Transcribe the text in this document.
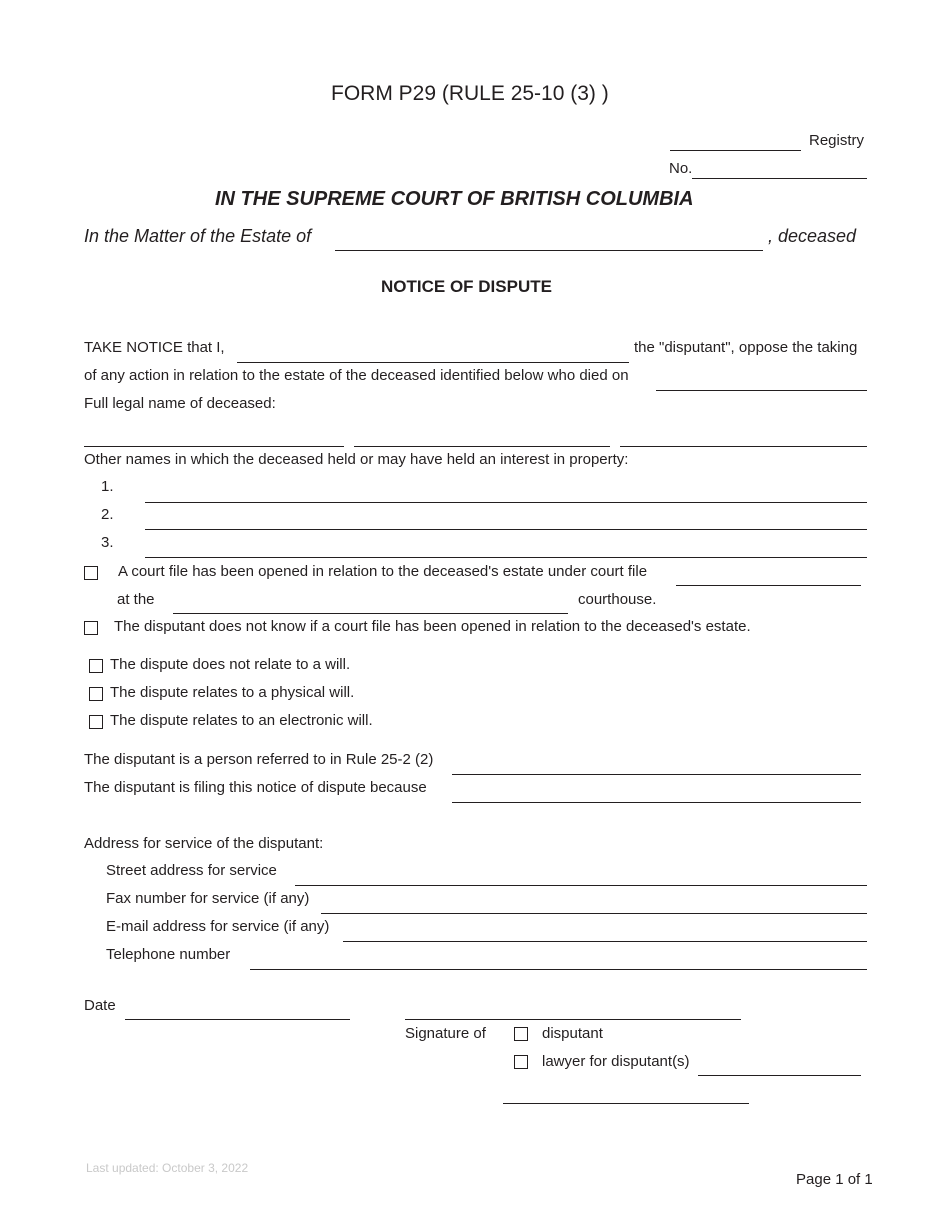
FORM P29 (RULE 25-10 (3) )
Registry
No.
IN THE SUPREME COURT OF BRITISH COLUMBIA
In the Matter of the Estate of	, deceased
NOTICE OF DISPUTE
TAKE NOTICE that I,	the "disputant", oppose the taking
of any action in relation to the estate of the deceased identified below who died on
Full legal name of deceased:
Other names in which the deceased held or may have held an interest in property:
1.
2.
3.
A court file has been opened in relation to the deceased's estate under court file
at the	courthouse.
The disputant does not know if a court file has been opened in relation to the deceased's estate.
The dispute does not relate to a will.
The dispute relates to a physical will.
The dispute relates to an electronic will.
The disputant is a person referred to in Rule 25-2 (2)
The disputant is filing this notice of dispute because
Address for service of the disputant:
Street address for service
Fax number for service (if any)
E-mail address for service (if any)
Telephone number
Date
Signature of	disputant
lawyer for disputant(s)
Last updated: October 3, 2022
Page 1 of 1
